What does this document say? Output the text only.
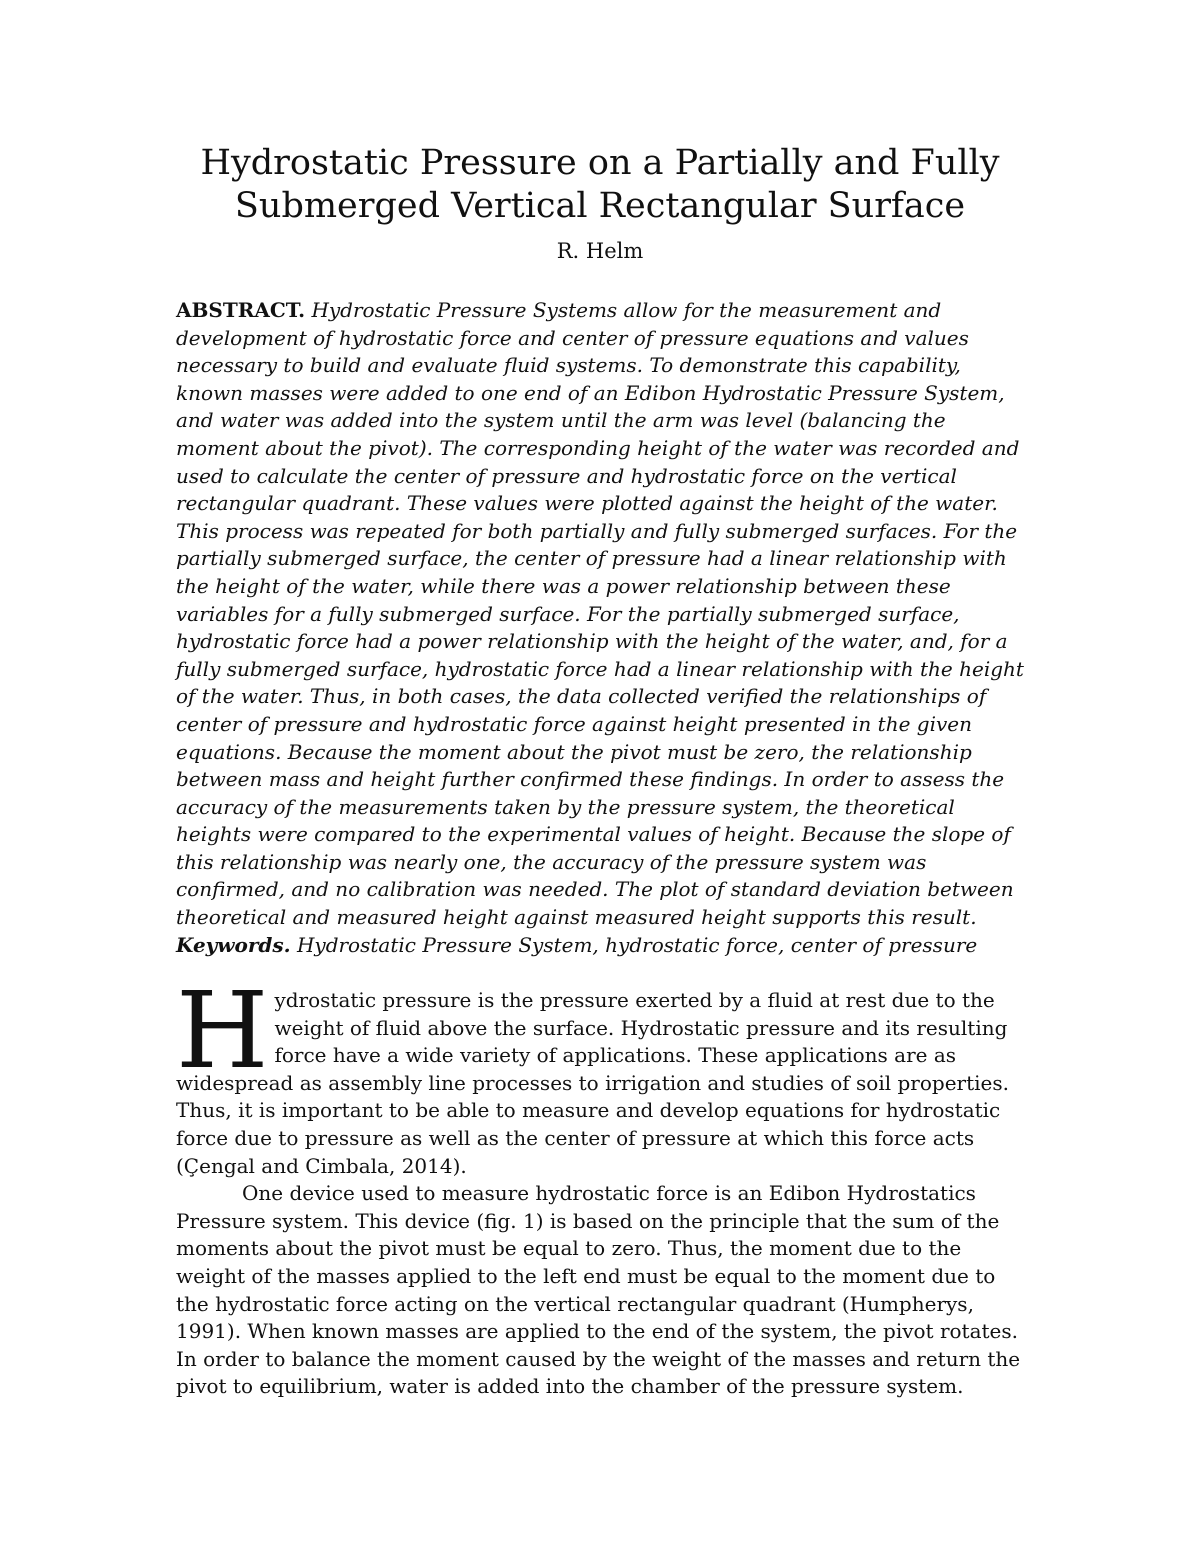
Hydrostatic Pressure on a Partially and Fully
Submerged Vertical Rectangular Surface
R. Helm

ABSTRACT. Hydrostatic Pressure Systems allow for the measurement and development of hydrostatic force and center of pressure equations and values necessary to build and evaluate fluid systems. To demonstrate this capability, known masses were added to one end of an Edibon Hydrostatic Pressure System, and water was added into the system until the arm was level (balancing the moment about the pivot). The corresponding height of the water was recorded and used to calculate the center of pressure and hydrostatic force on the vertical rectangular quadrant. These values were plotted against the height of the water. This process was repeated for both partially and fully submerged surfaces. For the partially submerged surface, the center of pressure had a linear relationship with the height of the water, while there was a power relationship between these variables for a fully submerged surface. For the partially submerged surface, hydrostatic force had a power relationship with the height of the water, and, for a fully submerged surface, hydrostatic force had a linear relationship with the height of the water. Thus, in both cases, the data collected verified the relationships of center of pressure and hydrostatic force against height presented in the given equations. Because the moment about the pivot must be zero, the relationship between mass and height further confirmed these findings. In order to assess the accuracy of the measurements taken by the pressure system, the theoretical heights were compared to the experimental values of height. Because the slope of this relationship was nearly one, the accuracy of the pressure system was confirmed, and no calibration was needed. The plot of standard deviation between theoretical and measured height against measured height supports this result. Keywords. Hydrostatic Pressure System, hydrostatic force, center of pressure

Hydrostatic pressure is the pressure exerted by a fluid at rest due to the weight of fluid above the surface. Hydrostatic pressure and its resulting force have a wide variety of applications. These applications are as widespread as assembly line processes to irrigation and studies of soil properties. Thus, it is important to be able to measure and develop equations for hydrostatic force due to pressure as well as the center of pressure at which this force acts (Çengal and Cimbala, 2014).

One device used to measure hydrostatic force is an Edibon Hydrostatics Pressure system. This device (fig. 1) is based on the principle that the sum of the moments about the pivot must be equal to zero. Thus, the moment due to the weight of the masses applied to the left end must be equal to the moment due to the hydrostatic force acting on the vertical rectangular quadrant (Humpherys, 1991). When known masses are applied to the end of the system, the pivot rotates. In order to balance the moment caused by the weight of the masses and return the pivot to equilibrium, water is added into the chamber of the pressure system.
